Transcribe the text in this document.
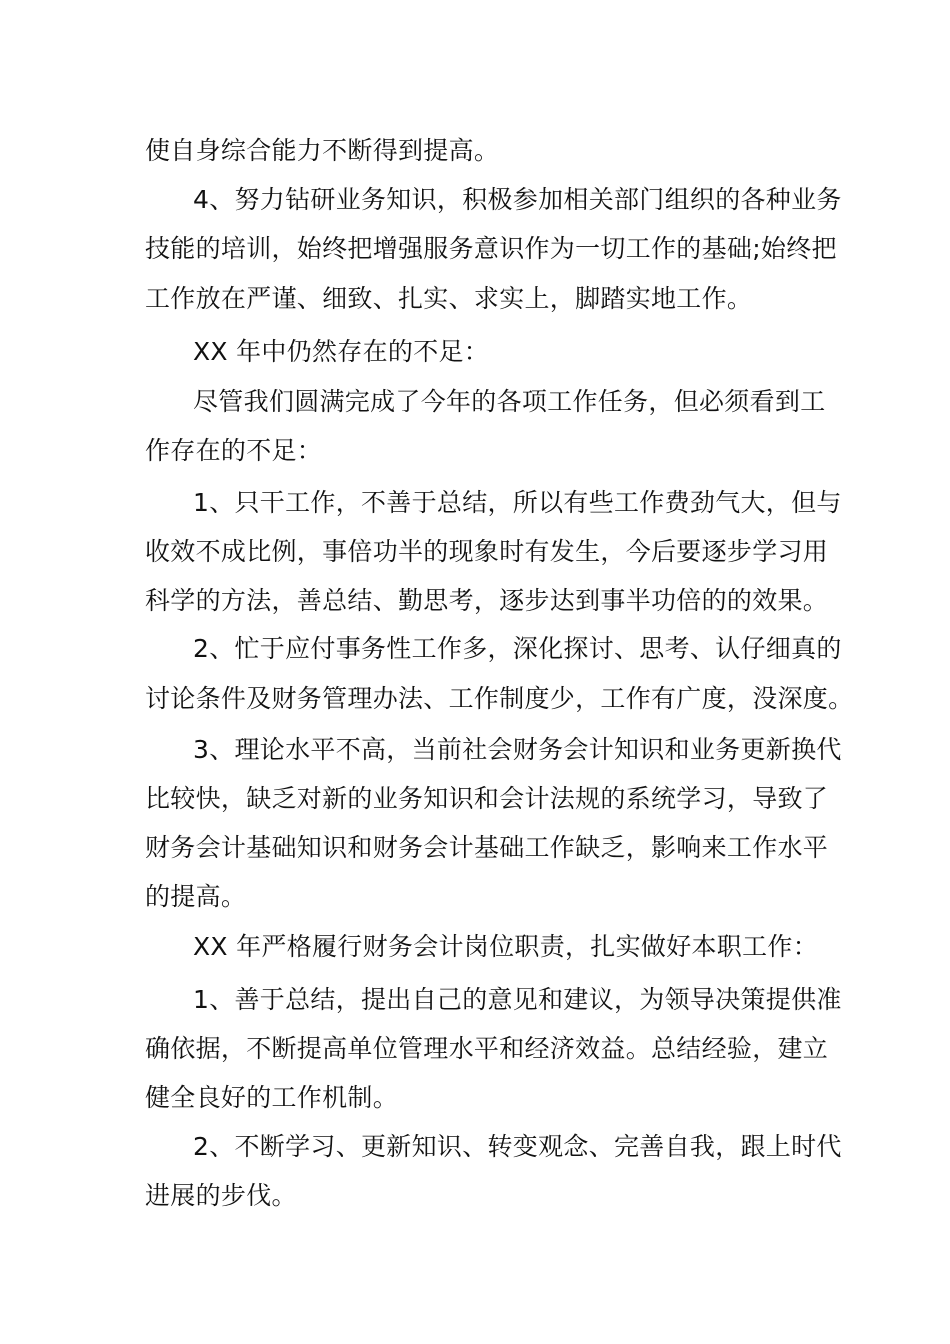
使自身综合能力不断得到提高。
4、努力钻研业务知识，积极参加相关部门组织的各种业务
技能的培训，始终把增强服务意识作为一切工作的基础;始终把
工作放在严谨、细致、扎实、求实上，脚踏实地工作。
XX 年中仍然存在的不足：
尽管我们圆满完成了今年的各项工作任务，但必须看到工
作存在的不足：
1、只干工作，不善于总结，所以有些工作费劲气大，但与
收效不成比例，事倍功半的现象时有发生，今后要逐步学习用
科学的方法，善总结、勤思考，逐步达到事半功倍的的效果。
2、忙于应付事务性工作多，深化探讨、思考、认仔细真的
讨论条件及财务管理办法、工作制度少，工作有广度，没深度。
3、理论水平不高，当前社会财务会计知识和业务更新换代
比较快，缺乏对新的业务知识和会计法规的系统学习，导致了
财务会计基础知识和财务会计基础工作缺乏，影响来工作水平
的提高。
XX 年严格履行财务会计岗位职责，扎实做好本职工作：
1、善于总结，提出自己的意见和建议，为领导决策提供准
确依据，不断提高单位管理水平和经济效益。总结经验，建立
健全良好的工作机制。
2、不断学习、更新知识、转变观念、完善自我，跟上时代
进展的步伐。
